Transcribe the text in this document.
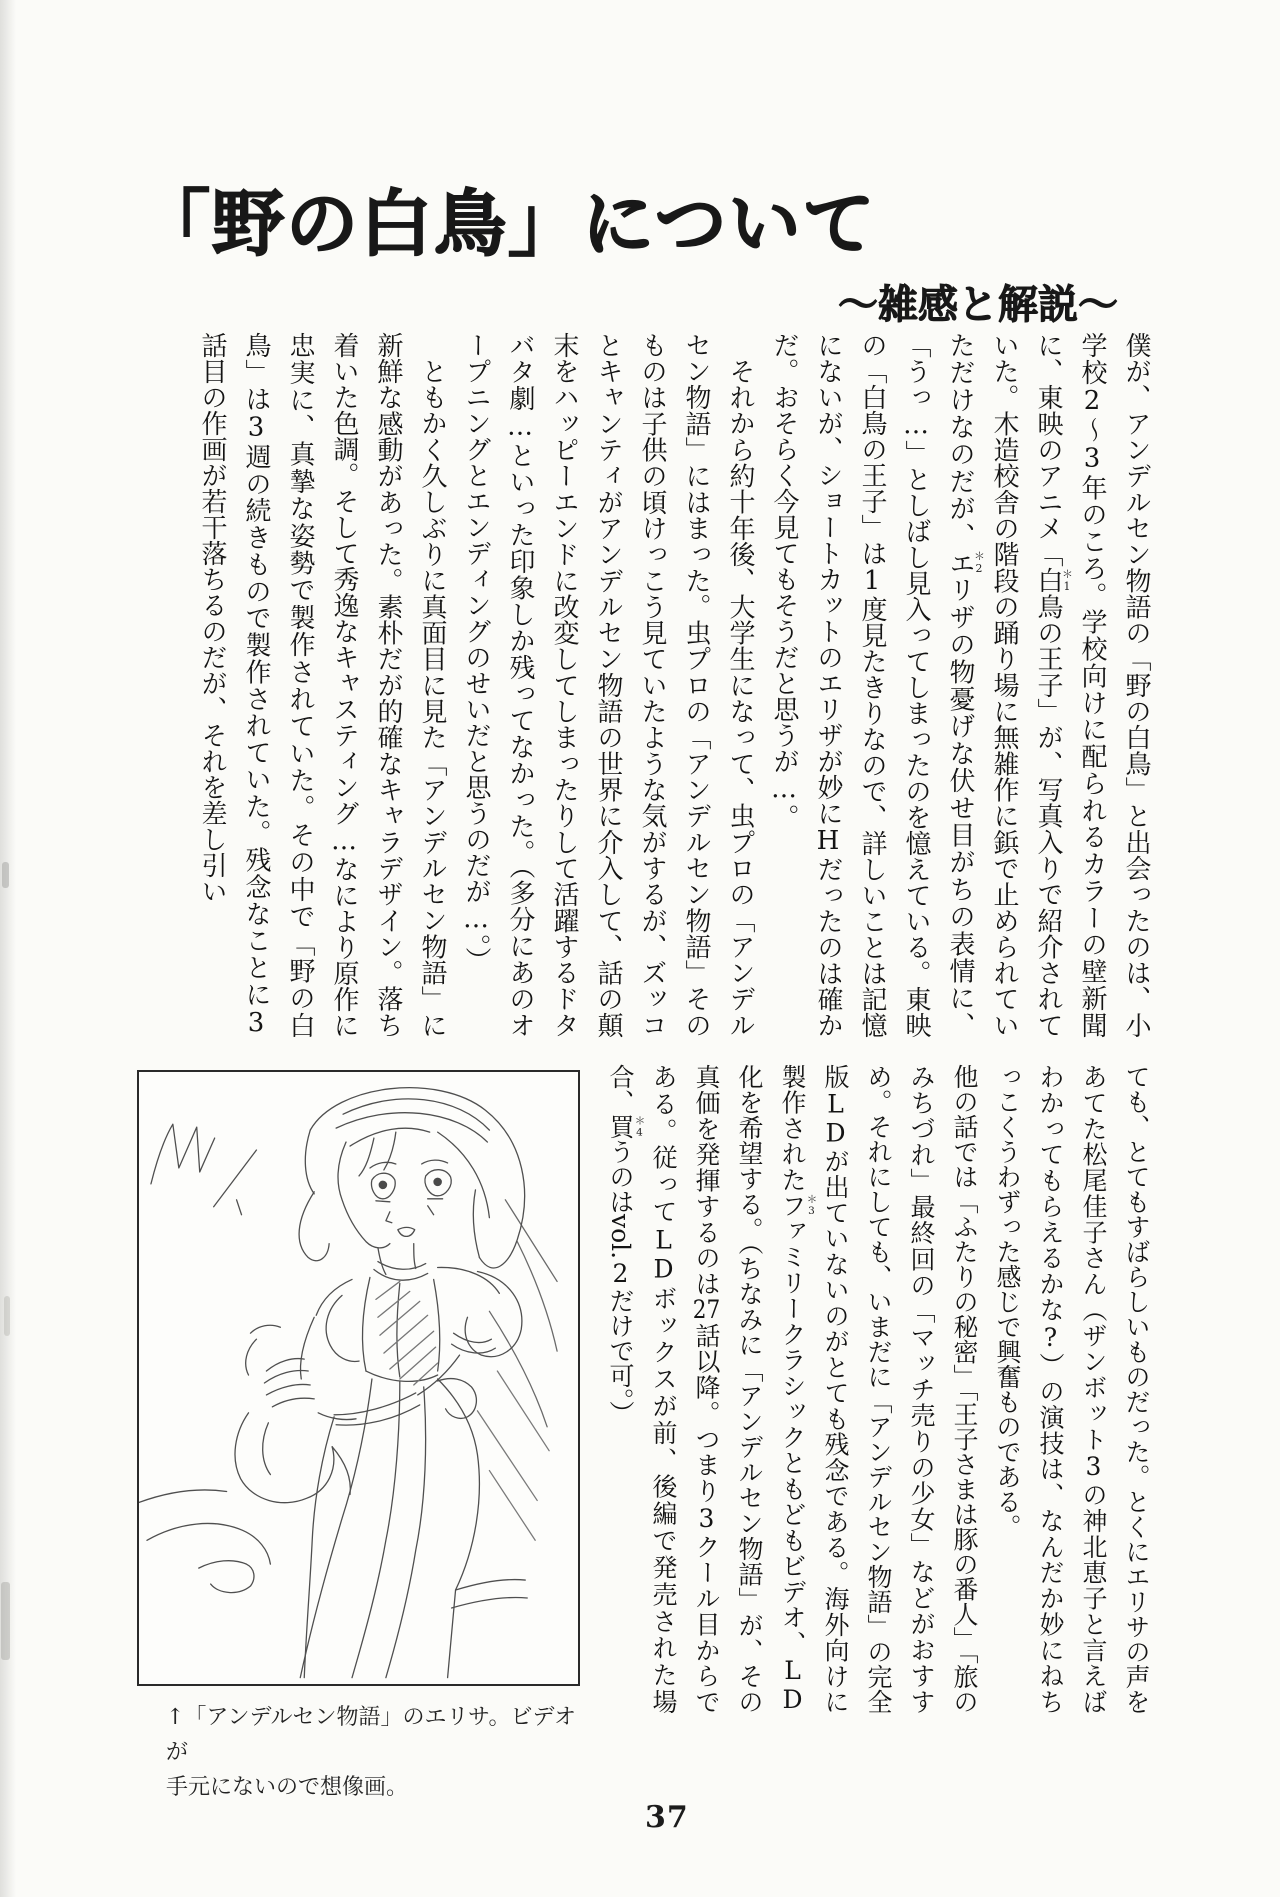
「野の白鳥」について
～雑感と解説～

僕が、アンデルセン物語の「野の白鳥」と出会ったのは、小学校2～3年のころ。学校向けに配られるカラーの壁新聞に、東映のアニメ「白＊1鳥の王子」が、写真入りで紹介されていた。木造校舎の階段の踊り場に無雑作に鋲で止められていただけなのだが、エ＊2リザの物憂げな伏せ目がちの表情に、「うっ…」としばし見入ってしまったのを憶えている。東映の「白鳥の王子」は1度見たきりなので、詳しいことは記憶にないが、ショートカットのエリザが妙にHだったのは確かだ。おそらく今見てもそうだと思うが…。

それから約十年後、大学生になって、虫プロの「アンデルセン物語」にはまった。虫プロの「アンデルセン物語」そのものは子供の頃けっこう見ていたような気がするが、ズッコとキャンティがアンデルセン物語の世界に介入して、話の顛末をハッピーエンドに改変してしまったりして活躍するドタバタ劇…といった印象しか残ってなかった。（多分にあのオープニングとエンディングのせいだと思うのだが…。）

ともかく久しぶりに真面目に見た「アンデルセン物語」に新鮮な感動があった。素朴だが的確なキャラデザイン。落ち着いた色調。そして秀逸なキャスティング…なにより原作に忠実に、真摯な姿勢で製作されていた。その中で「野の白鳥」は3週の続きもので製作されていた。残念なことに3話目の作画が若干落ちるのだが、それを差し引い

ても、とてもすばらしいものだった。とくにエリサの声をあてた松尾佳子さん（ザンボット3の神北恵子と言えばわかってもらえるかな?）の演技は、なんだか妙にねちっこくうわずった感じで興奮ものである。

他の話では「ふたりの秘密」「王子さまは豚の番人」「旅のみちづれ」最終回の「マッチ売りの少女」などがおすすめ。それにしても、いまだに「アンデルセン物語」の完全版LDが出ていないのがとても残念である。海外向けに製作されたフ＊3ァミリークラシックともどもビデオ、LD化を希望する。（ちなみに「アンデルセン物語」が、その真価を発揮するのは27話以降。つまり3クール目からである。従ってLDボックスが前、後編で発売された場合、買＊4うのはvol.2だけで可。）

↑「アンデルセン物語」のエリサ。ビデオが
手元にないので想像画。
37
